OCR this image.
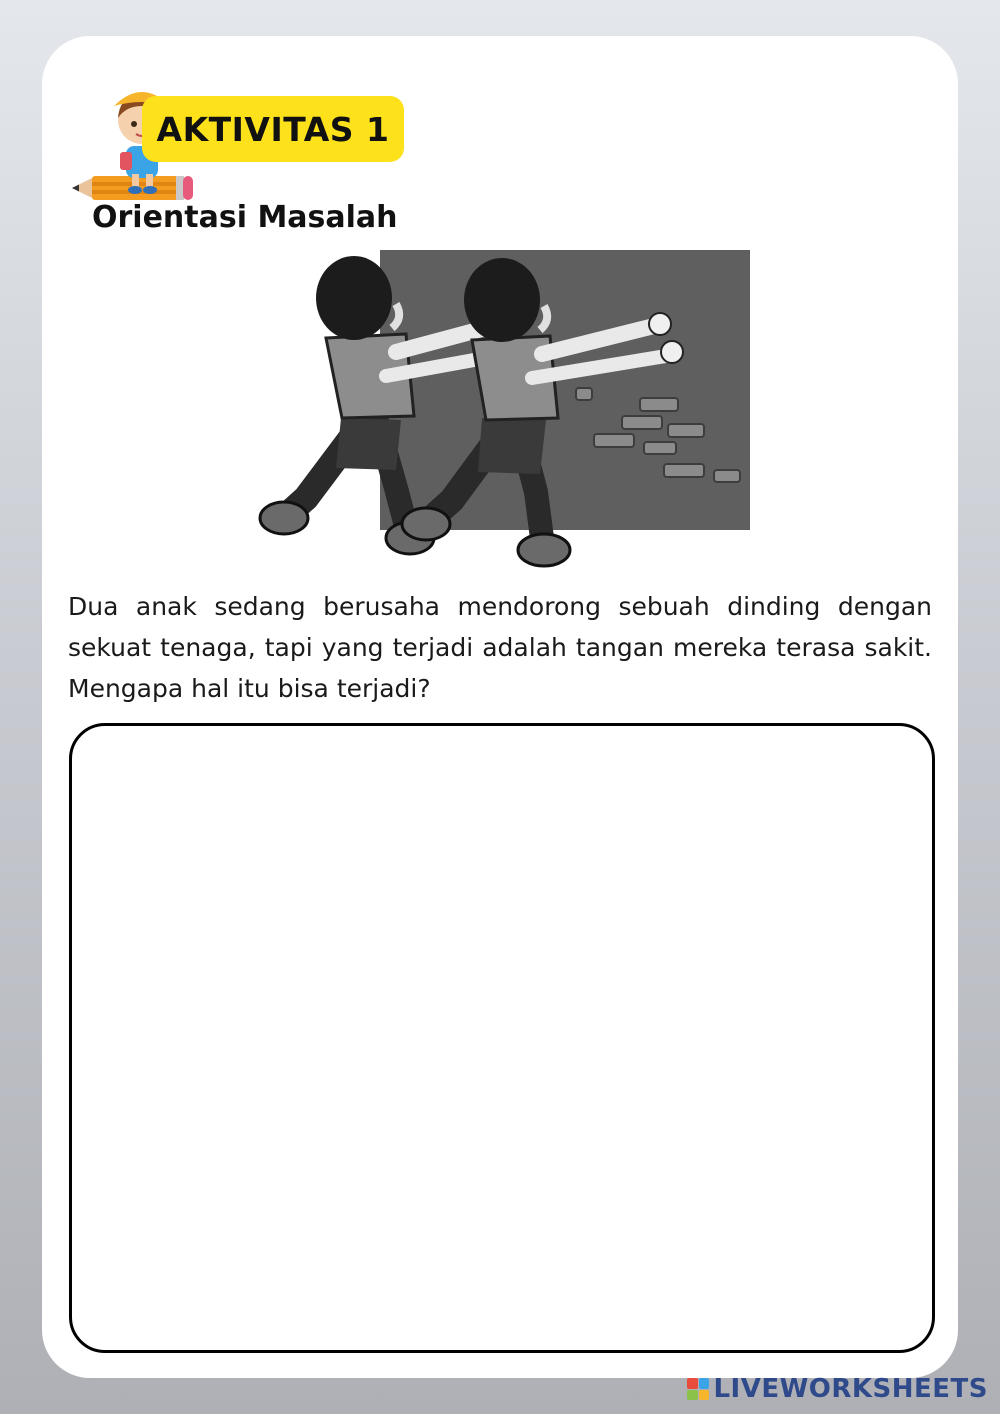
AKTIVITAS 1
Orientasi Masalah

Dua anak sedang berusaha mendorong sebuah dinding dengan sekuat tenaga, tapi yang terjadi adalah tangan mereka terasa sakit. Mengapa hal itu bisa terjadi?

LIVEWORKSHEETS
